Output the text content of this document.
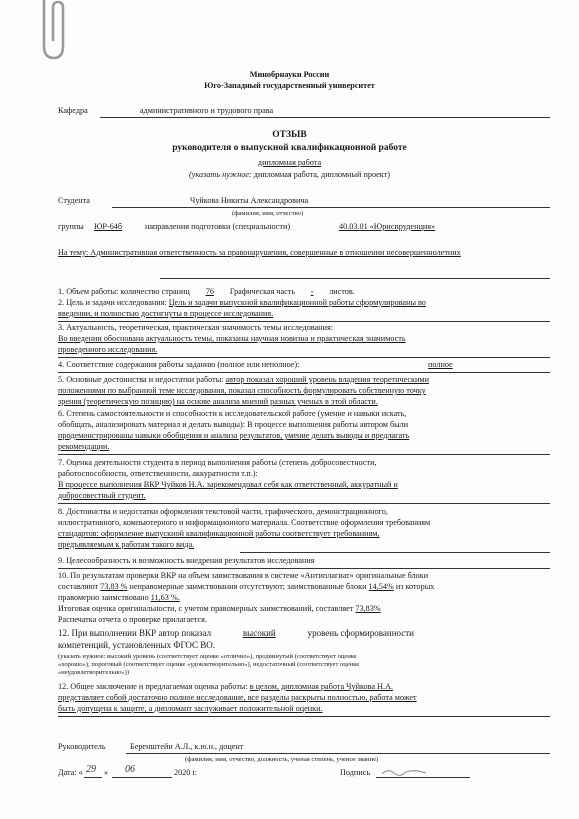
Минобрнауки России
Юго-Западный государственный университет
Кафедра	административного и трудового права
ОТЗЫВ
руководителя о выпускной квалификационной работе
дипломная работа
(указать нужное: дипломная работа, дипломный проект)
Студента	Чуйкова Никиты Александровича
(фамилия, имя, отчество)
группы ЮР-64б	направления подготовки (специальности)	40.03.01 «Юриспруденция»
На тему: Административная ответственность за правонарушения, совершенные в отношении несовершеннолетних
1. Объем работы: количество страниц 76 Графическая часть - листов.
2. Цель и задачи исследования: Цель и задачи выпускной квалификационной работы сформулированы во
введении, и полностью достигнуты в процессе исследования.
3. Актуальность, теоретическая, практическая значимость темы исследования:
Во введении обоснована актуальность темы, показаны научная новизна и практическая значимость
проведенного исследования.
4. Соответствие содержания работы заданию (полное или неполное):	полное
5. Основные достоинства и недостатки работы: автор показал хороший уровень владения теоретическими
положениями по выбранной теме исследования, показал способность формулировать собственную точку
зрения (теоретическую позицию) на основе анализа мнений разных ученых в этой области.
6. Степень самостоятельности и способности к исследовательской работе (умение и навыки искать,
обобщать, анализировать материал и делать выводы): В процессе выполнения работы автором были
продемонстрированы навыки обобщения и анализа результатов, умение делать выводы и предлагать
рекомендации.
7. Оценка деятельности студента в период выполнения работы (степень добросовестности,
работоспособности, ответственности, аккуратности т.п.):
В процессе выполнения ВКР Чуйков Н.А. зарекомендовал себя как ответственный, аккуратный и
добросовестный студент.
8. Достоинства и недостатки оформления текстовой части, графического, демонстрационного,
иллюстративного, компьютерного и информационного материала. Соответствие оформления требованиям
стандартов: оформление выпускной квалификационной работы соответствует требованиям,
предъявляемым к работам такого вида.
9. Целесообразность и возможность внедрения результатов исследования
10. По результатам проверки ВКР на объем заимствования в системе «Антиплагиат» оригинальные блоки
составляют 73,83 % неправомерные заимствования отсутствуют; заимствованные блоки 14,54% из которых
правомерно заимствовано 11,63 %.
Итоговая оценка оригинальности, с учетом правомерных заимствований, составляет 73,83%
Распечатка отчета о проверке прилагается.
12. При выполнении ВКР автор показал	высокий	уровень сформированности
компетенций, установленных ФГОС ВО.
(указать нужное: высокий уровень (соответствует оценке «отлично»), продвинутый (соответствует оценке
«хорошо»), пороговый (соответствует оценке «удовлетворительно»), недостаточный (соответствует оценке
«неудовлетворительно»))
12. Общее заключение и предлагаемая оценка работы: в целом, дипломная работа Чуйкова Н.А.
представляет собой достаточно полное исследование, все разделы раскрыты полностью, работа может
быть допущена к защите, а дипломант заслуживает положительной оценки.
Руководитель	Беренштейн А.Л., к.ю.н., доцент
(фамилия, имя, отчество, должность, ученая степень, ученое звание)
Дата: « 29 » 06	2020 г.	Подпись
